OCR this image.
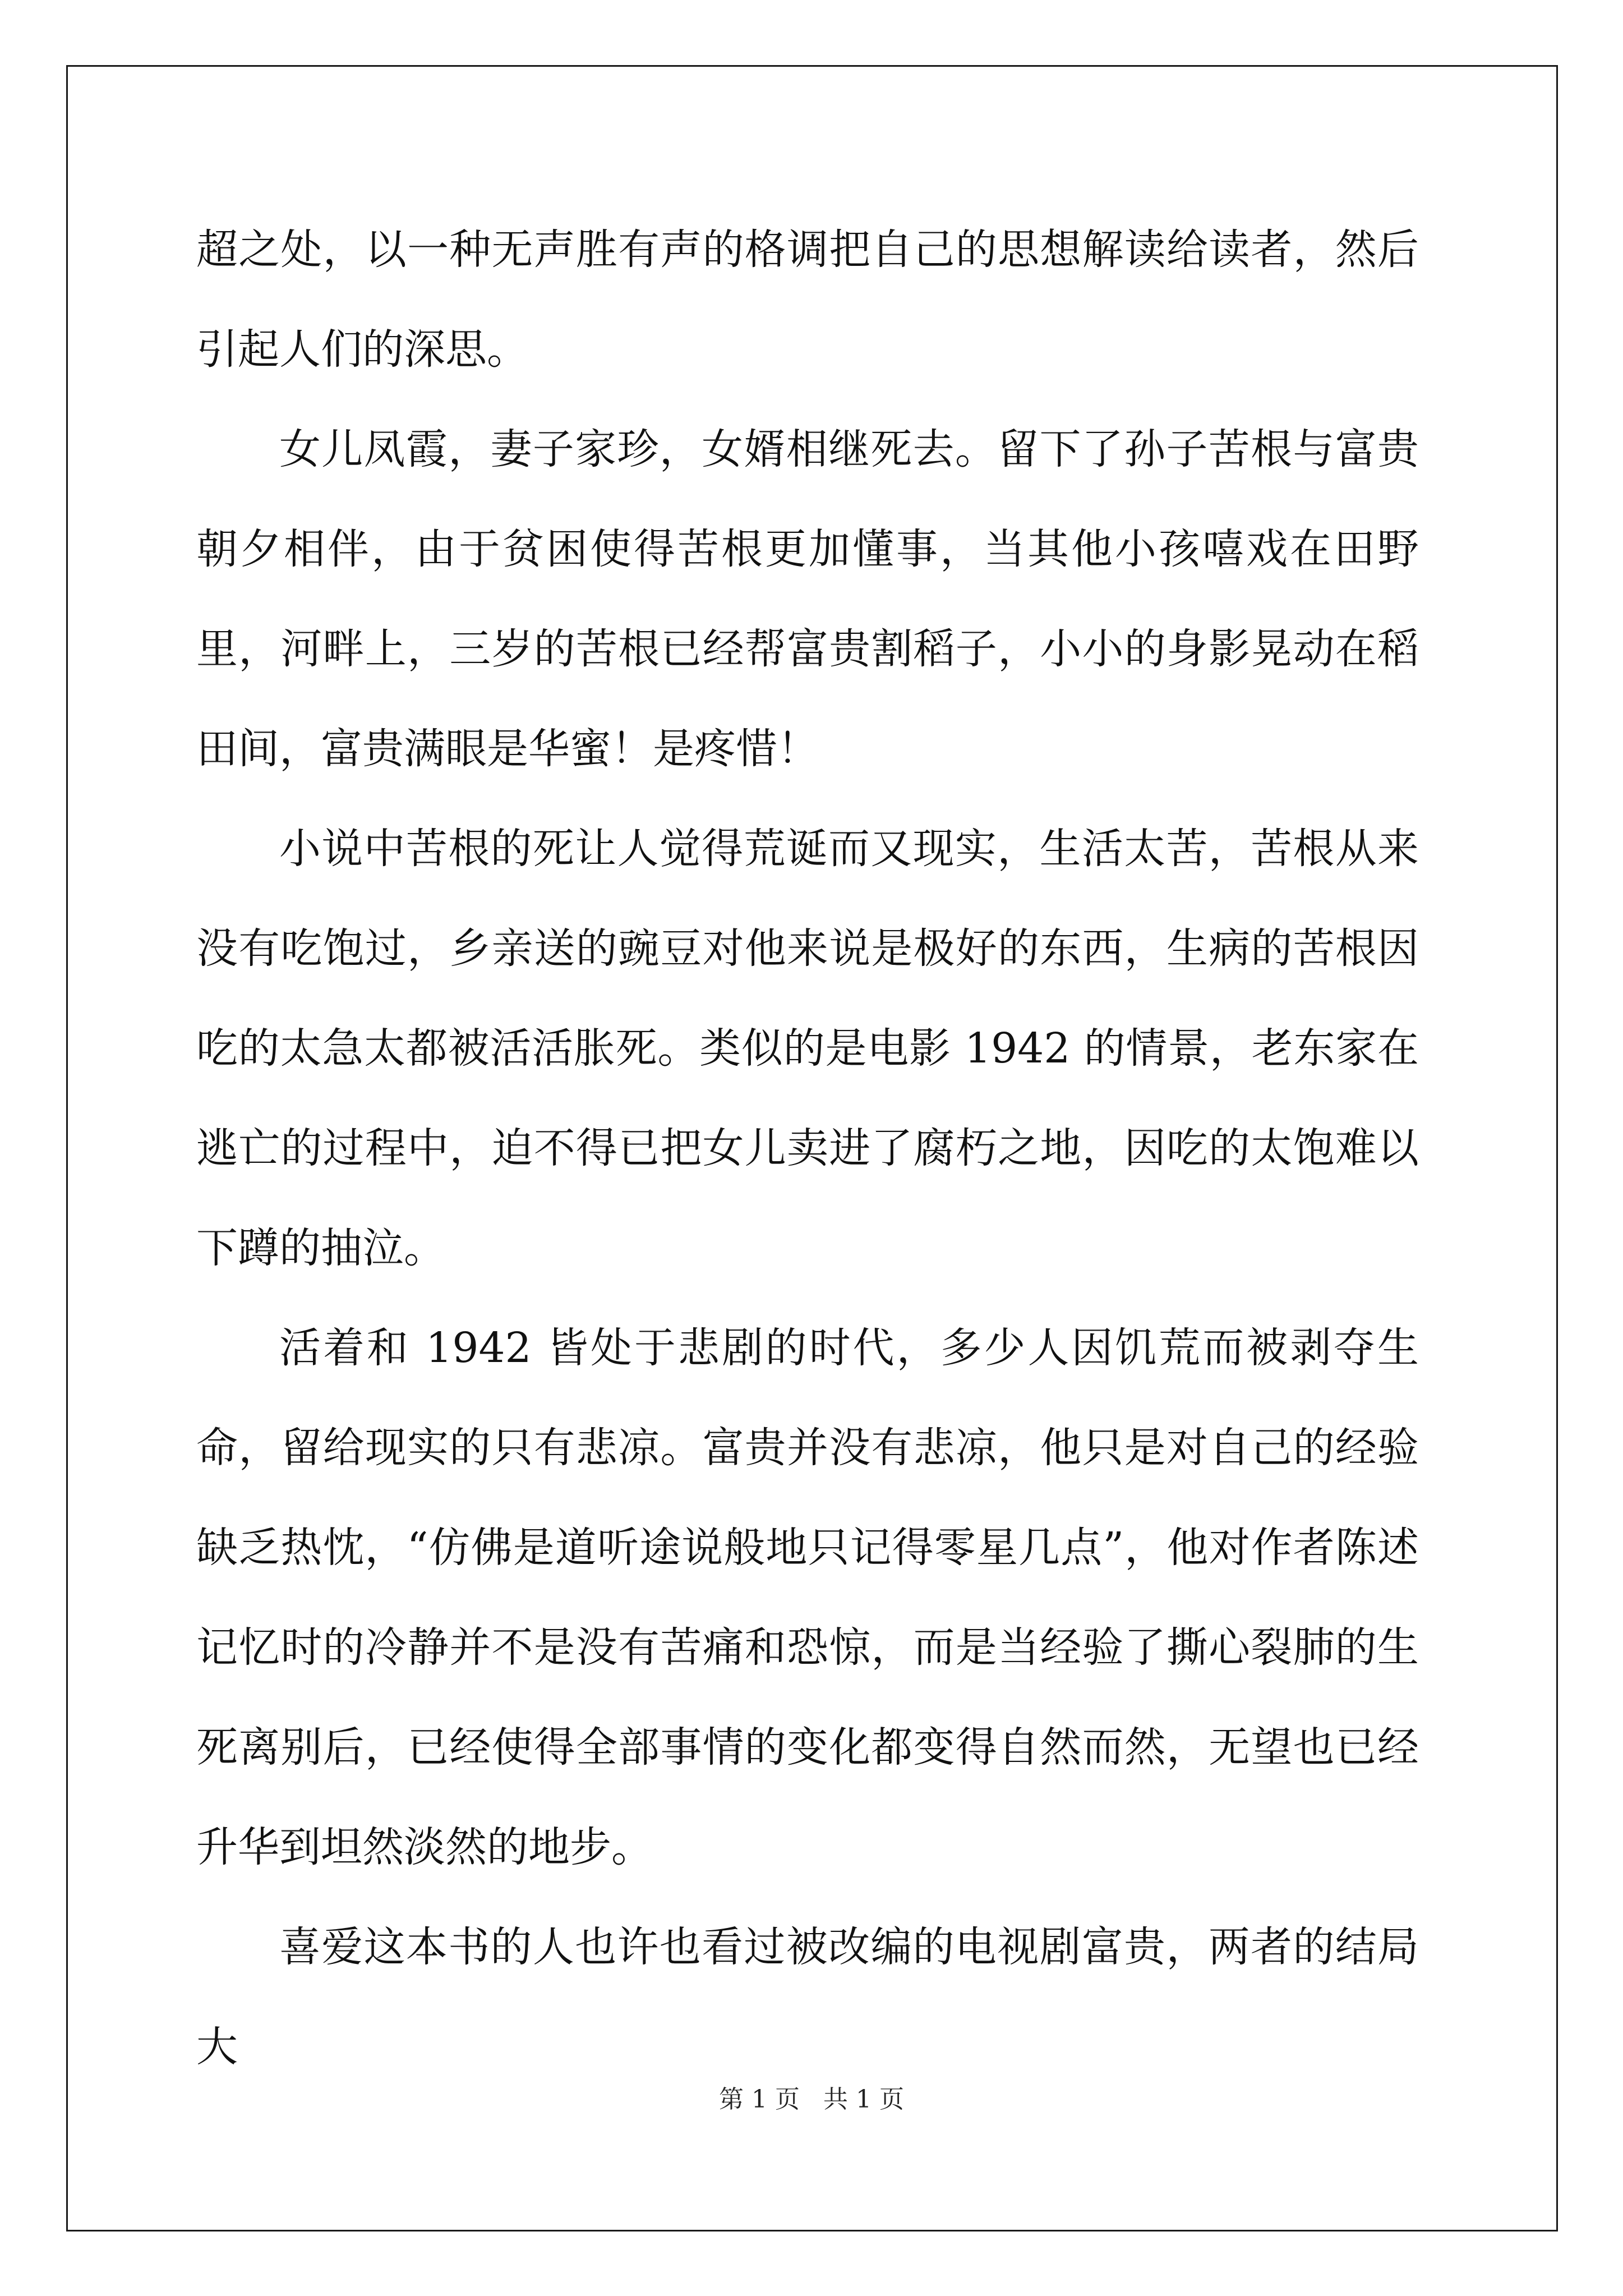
超之处，以一种无声胜有声的格调把自己的思想解读给读者，然后引起人们的深思。

女儿凤霞，妻子家珍，女婿相继死去。留下了孙子苦根与富贵朝夕相伴，由于贫困使得苦根更加懂事，当其他小孩嘻戏在田野里，河畔上，三岁的苦根已经帮富贵割稻子，小小的身影晃动在稻田间，富贵满眼是华蜜！是疼惜！

小说中苦根的死让人觉得荒诞而又现实，生活太苦，苦根从来没有吃饱过，乡亲送的豌豆对他来说是极好的东西，生病的苦根因吃的太急太都被活活胀死。类似的是电影 1942 的情景，老东家在逃亡的过程中，迫不得已把女儿卖进了腐朽之地，因吃的太饱难以下蹲的抽泣。

活着和 1942 皆处于悲剧的时代，多少人因饥荒而被剥夺生命，留给现实的只有悲凉。富贵并没有悲凉，他只是对自己的经验缺乏热忱，“仿佛是道听途说般地只记得零星几点”，他对作者陈述记忆时的冷静并不是没有苦痛和恐惊，而是当经验了撕心裂肺的生死离别后，已经使得全部事情的变化都变得自然而然，无望也已经升华到坦然淡然的地步。

喜爱这本书的人也许也看过被改编的电视剧富贵，两者的结局大

第 1 页 共 1 页
